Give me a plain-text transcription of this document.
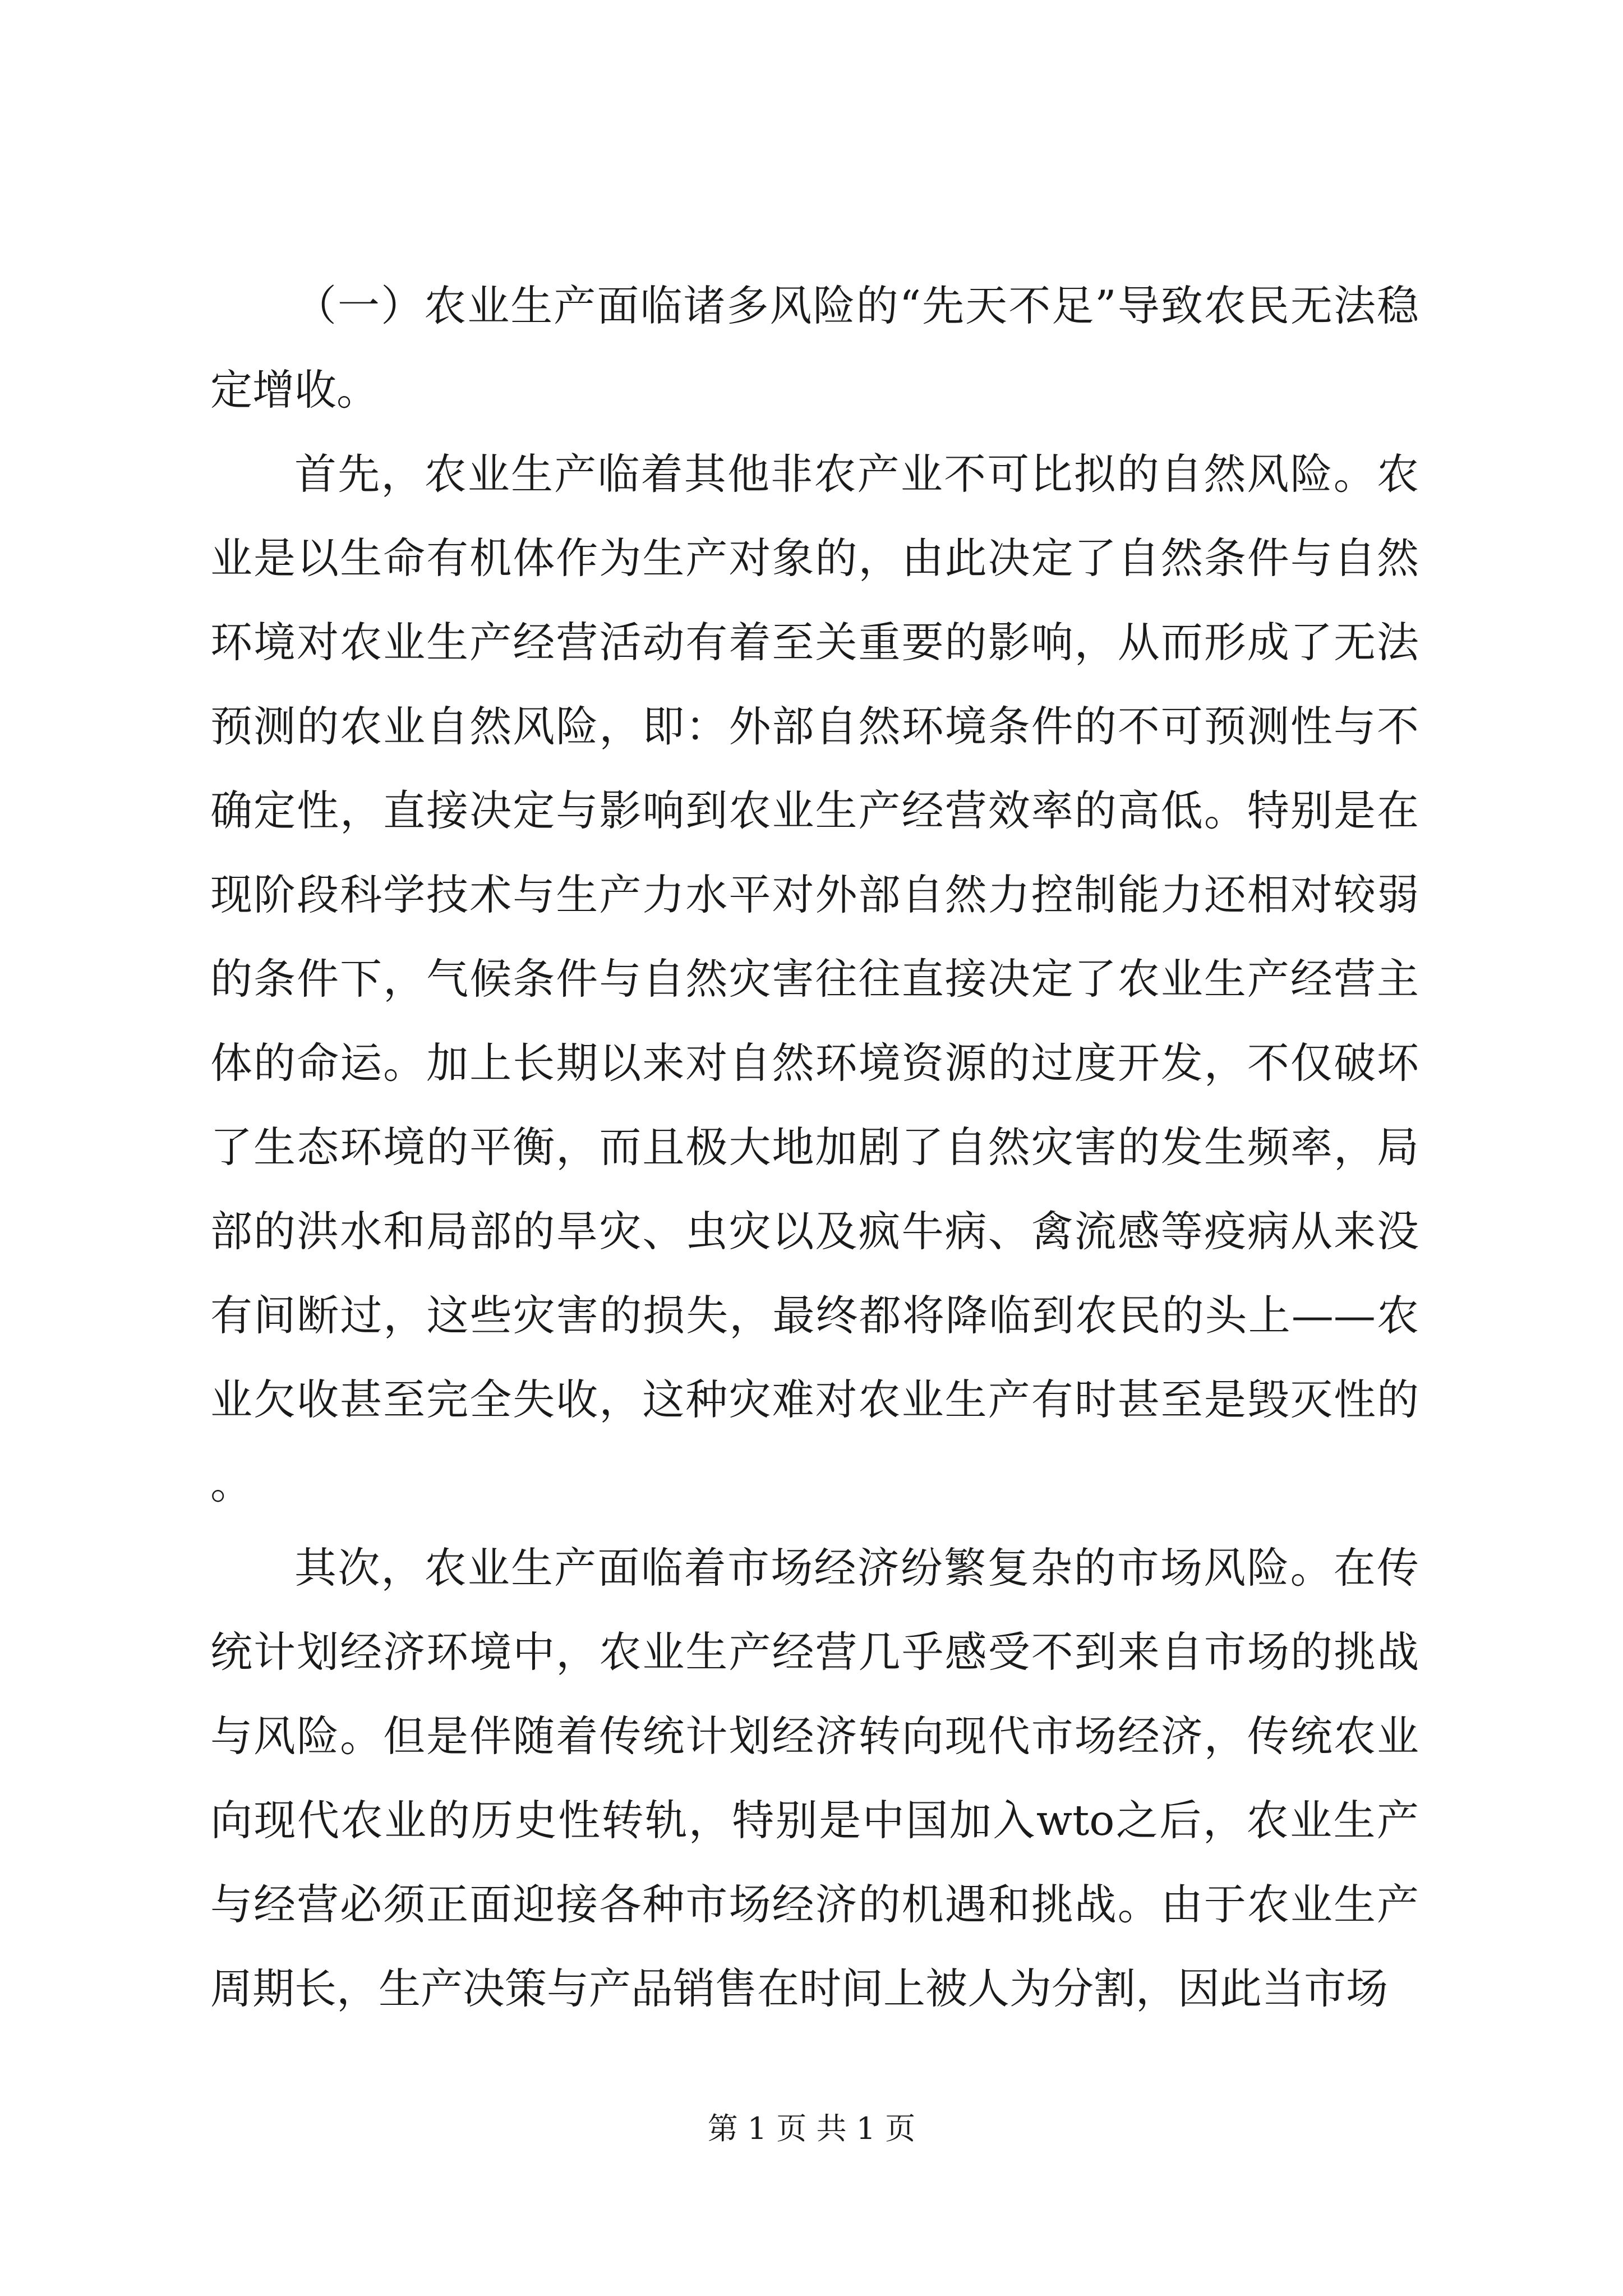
（一）农业生产面临诸多风险的“先天不足”导致农民无法稳定增收。

首先，农业生产临着其他非农产业不可比拟的自然风险。农业是以生命有机体作为生产对象的，由此决定了自然条件与自然环境对农业生产经营活动有着至关重要的影响，从而形成了无法预测的农业自然风险，即：外部自然环境条件的不可预测性与不确定性，直接决定与影响到农业生产经营效率的高低。特别是在现阶段科学技术与生产力水平对外部自然力控制能力还相对较弱的条件下，气候条件与自然灾害往往直接决定了农业生产经营主体的命运。加上长期以来对自然环境资源的过度开发，不仅破坏了生态环境的平衡，而且极大地加剧了自然灾害的发生频率，局部的洪水和局部的旱灾、虫灾以及疯牛病、禽流感等疫病从来没有间断过，这些灾害的损失，最终都将降临到农民的头上——农业欠收甚至完全失收，这种灾难对农业生产有时甚至是毁灭性的。

其次，农业生产面临着市场经济纷繁复杂的市场风险。在传统计划经济环境中，农业生产经营几乎感受不到来自市场的挑战与风险。但是伴随着传统计划经济转向现代市场经济，传统农业向现代农业的历史性转轨，特别是中国加入wto之后，农业生产与经营必须正面迎接各种市场经济的机遇和挑战。由于农业生产周期长，生产决策与产品销售在时间上被人为分割，因此当市场

第 1 页 共 1 页
